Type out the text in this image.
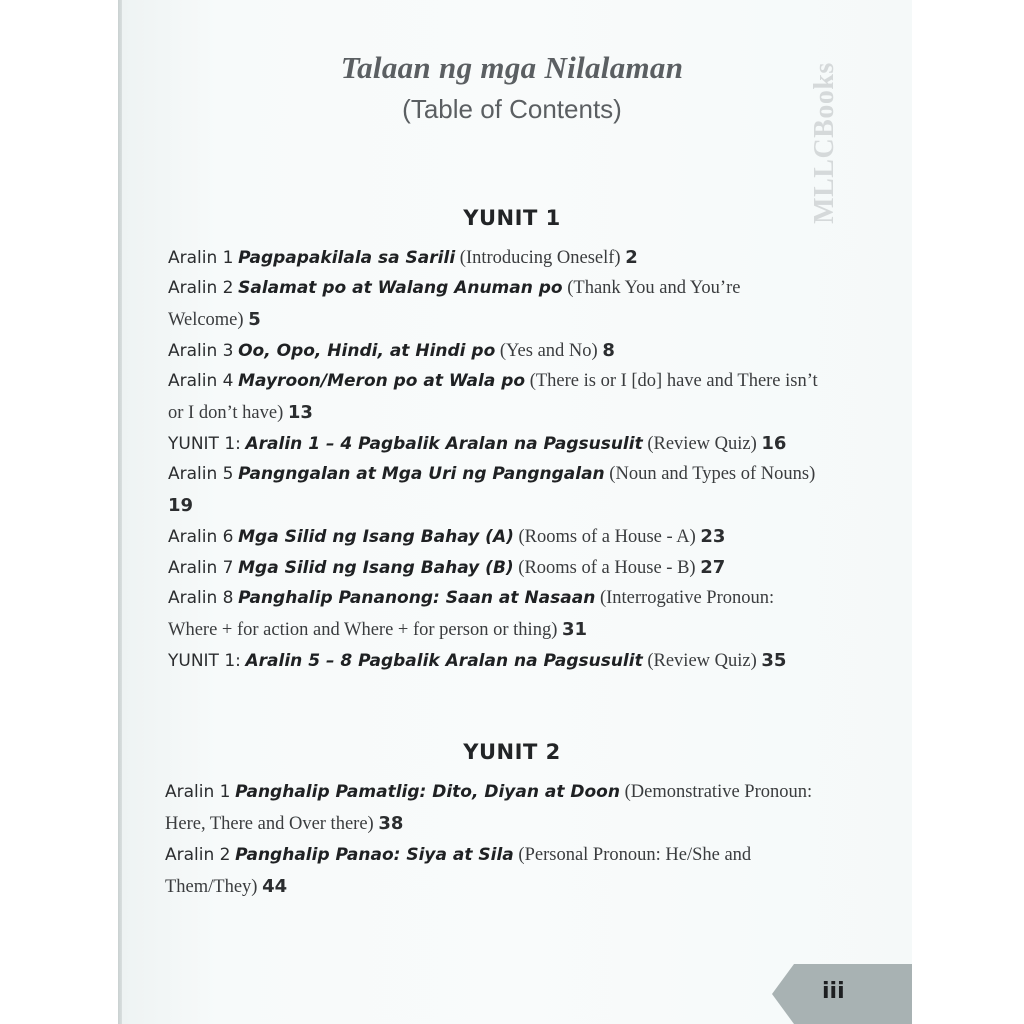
Talaan ng mga Nilalaman

(Table of Contents)	MLLCBooks
YUNIT 1

Aralin 1 Pagpapakilala sa Sarili (Introducing Oneself) 2

Aralin 2 Salamat po at Walang Anuman po (Thank You and You’re Welcome) 5

Aralin 3 Oo, Opo, Hindi, at Hindi po (Yes and No) 8

Aralin 4 Mayroon/Meron po at Wala po (There is or I [do] have and There isn’t or I don’t have) 13

YUNIT 1: Aralin 1 – 4 Pagbalik Aralan na Pagsusulit (Review Quiz) 16

Aralin 5 Pangngalan at Mga Uri ng Pangngalan (Noun and Types of Nouns) 19

Aralin 6 Mga Silid ng Isang Bahay (A) (Rooms of a House - A) 23

Aralin 7 Mga Silid ng Isang Bahay (B) (Rooms of a House - B) 27

Aralin 8 Panghalip Pananong: Saan at Nasaan (Interrogative Pronoun: Where + for action and Where + for person or thing) 31

YUNIT 1: Aralin 5 – 8 Pagbalik Aralan na Pagsusulit (Review Quiz) 35

YUNIT 2

Aralin 1 Panghalip Pamatlig: Dito, Diyan at Doon (Demonstrative Pronoun: Here, There and Over there) 38

Aralin 2 Panghalip Panao: Siya at Sila (Personal Pronoun: He/She and Them/They) 44

iii
